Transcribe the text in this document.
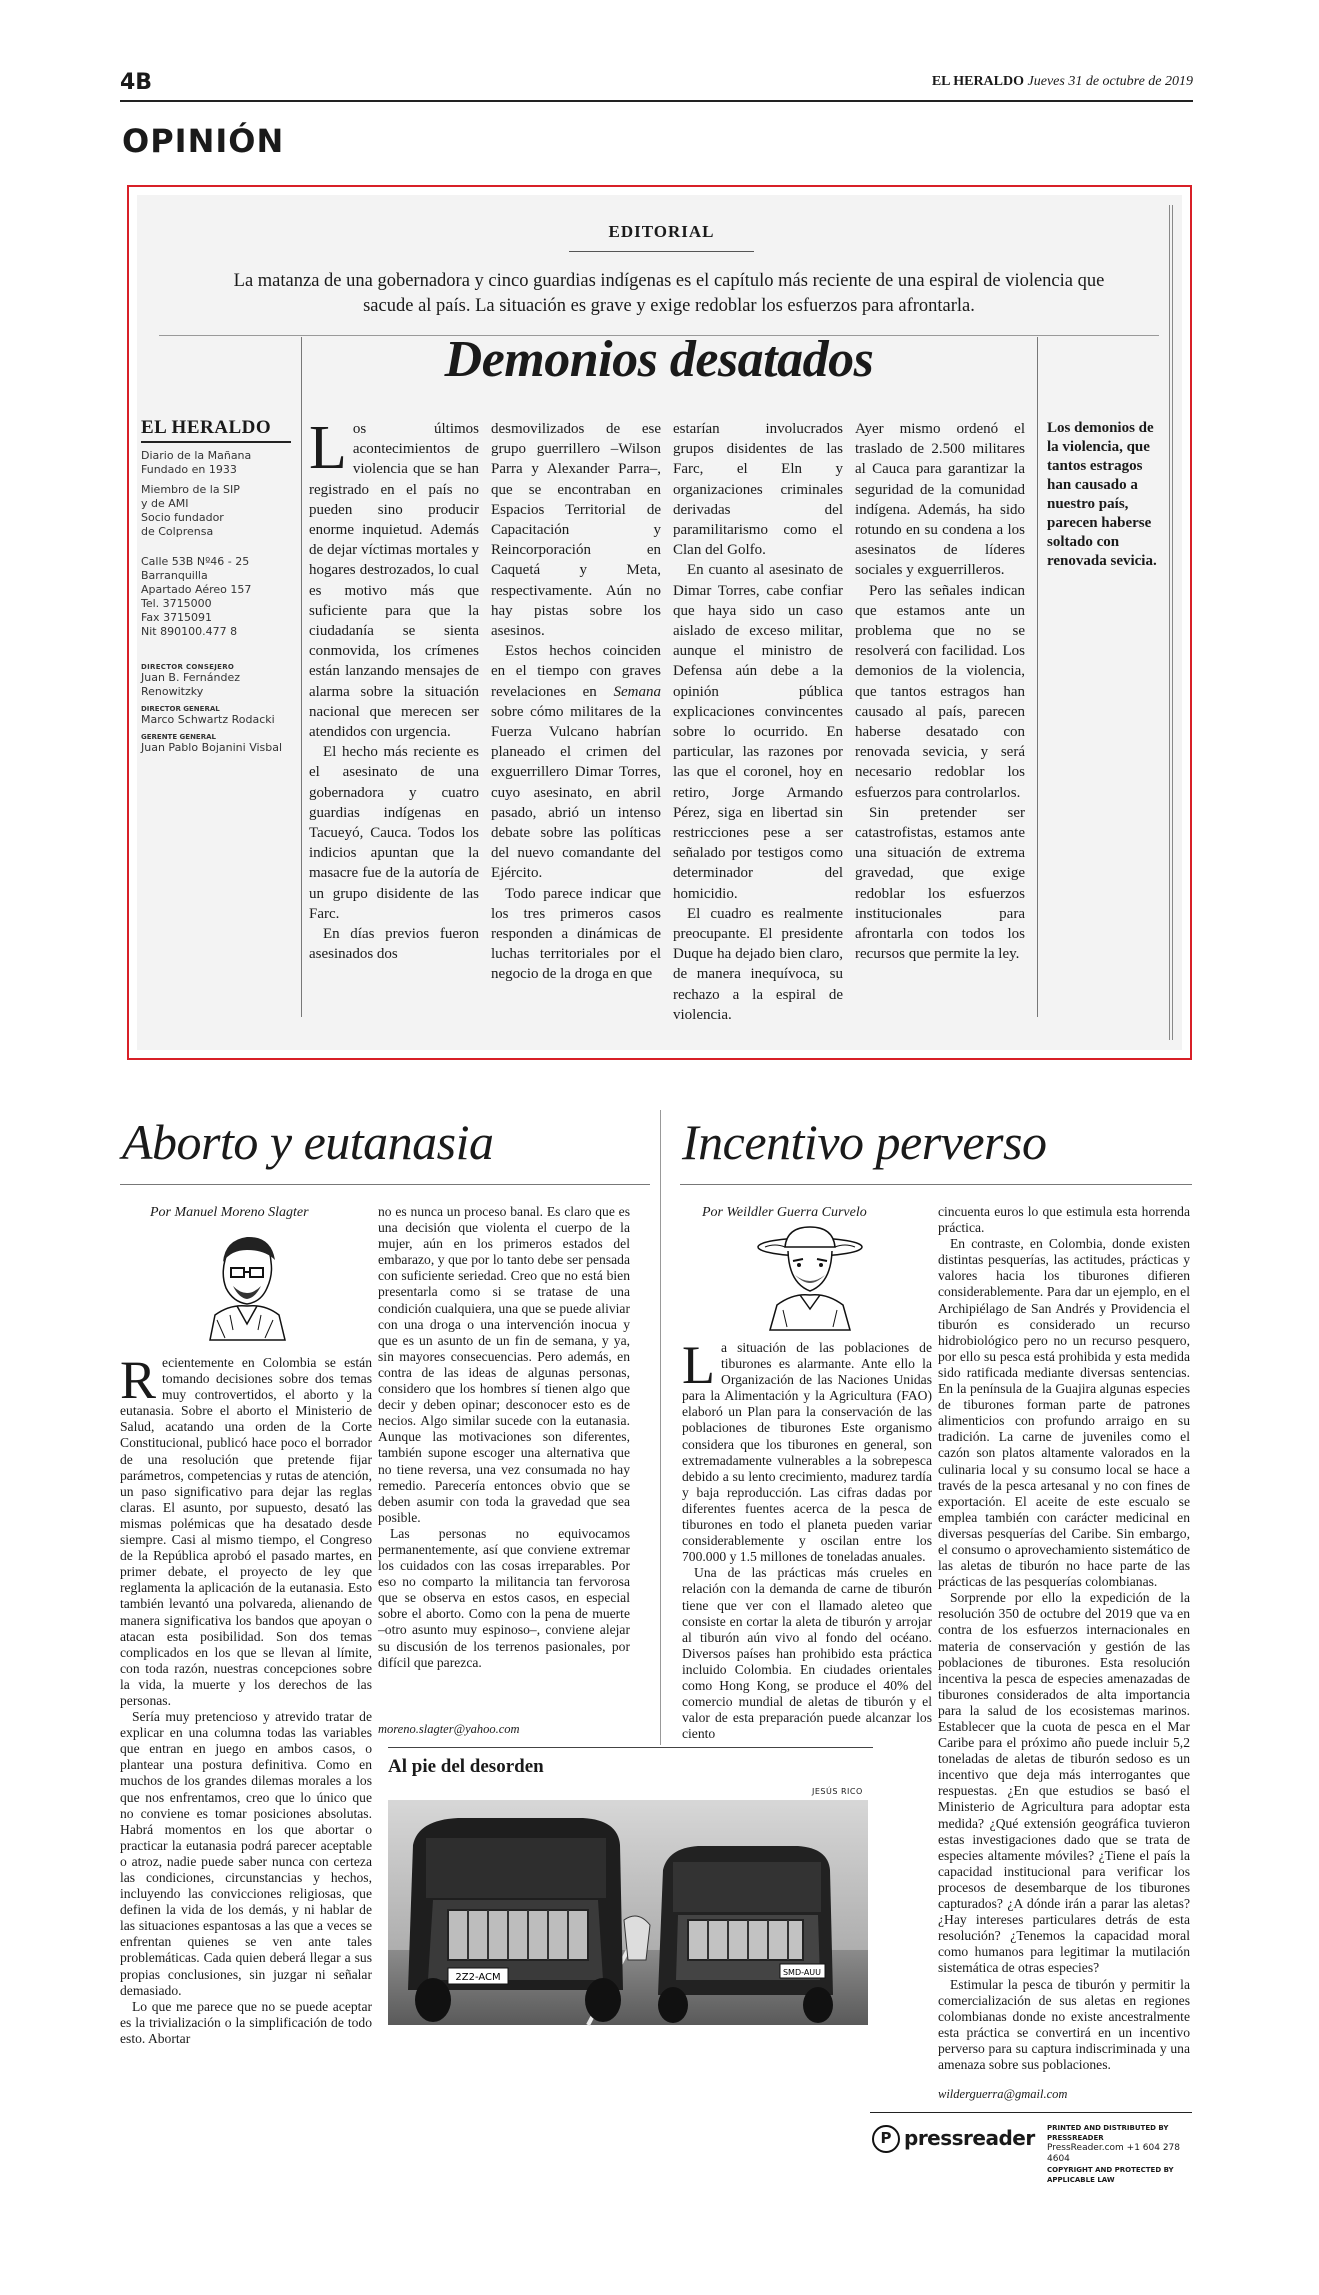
4B	EL HERALDO Jueves 31 de octubre de 2019
OPINIÓN
EDITORIAL
La matanza de una gobernadora y cinco guardias indígenas es el capítulo más reciente de una espiral de violencia que sacude al país. La situación es grave y exige redoblar los esfuerzos para afrontarla.
Demonios desatados
EL HERALDO
Diario de la Mañana
Fundado en 1933
Miembro de la SIP
y de AMI
Socio fundador
de Colprensa
Calle 53B Nº46 - 25
Barranquilla
Apartado Aéreo 157
Tel. 3715000
Fax 3715091
Nit 890100.477 8
DIRECTOR CONSEJERO
Juan B. Fernández Renowitzky
DIRECTOR GENERAL
Marco Schwartz Rodacki
GERENTE GENERAL
Juan Pablo Bojanini Visbal

Los últimos acontecimientos de violencia que se han registrado en el país no pueden sino producir enorme inquietud. Además de dejar víctimas mortales y hogares destrozados, lo cual es motivo más que suficiente para que la ciudadanía se sienta conmovida, los crímenes están lanzando mensajes de alarma sobre la situación nacional que merecen ser atendidos con urgencia.

El hecho más reciente es el asesinato de una gobernadora y cuatro guardias indígenas en Tacueyó, Cauca. Todos los indicios apuntan que la masacre fue de la autoría de un grupo disidente de las Farc.

En días previos fueron asesinados dos

desmovilizados de ese grupo guerrillero –Wilson Parra y Alexander Parra–, que se encontraban en Espacios Territorial de Capacitación y Reincorporación en Caquetá y Meta, respectivamente. Aún no hay pistas sobre los asesinos.

Estos hechos coinciden en el tiempo con graves revelaciones en Semana sobre cómo militares de la Fuerza Vulcano habrían planeado el crimen del exguerrillero Dimar Torres, cuyo asesinato, en abril pasado, abrió un intenso debate sobre las políticas del nuevo comandante del Ejército.

Todo parece indicar que los tres primeros casos responden a dinámicas de luchas territoriales por el negocio de la droga en que

estarían involucrados grupos disidentes de las Farc, el Eln y organizaciones criminales derivadas del paramilitarismo como el Clan del Golfo.

En cuanto al asesinato de Dimar Torres, cabe confiar que haya sido un caso aislado de exceso militar, aunque el ministro de Defensa aún debe a la opinión pública explicaciones convincentes sobre lo ocurrido. En particular, las razones por las que el coronel, hoy en retiro, Jorge Armando Pérez, siga en libertad sin restricciones pese a ser señalado por testigos como determinador del homicidio.

El cuadro es realmente preocupante. El presidente Duque ha dejado bien claro, de manera inequívoca, su rechazo a la espiral de violencia.

Ayer mismo ordenó el traslado de 2.500 militares al Cauca para garantizar la seguridad de la comunidad indígena. Además, ha sido rotundo en su condena a los asesinatos de líderes sociales y exguerrilleros.

Pero las señales indican que estamos ante un problema que no se resolverá con facilidad. Los demonios de la violencia, que tantos estragos han causado al país, parecen haberse desatado con renovada sevicia, y será necesario redoblar los esfuerzos para controlarlos.

Sin pretender ser catastrofistas, estamos ante una situación de extrema gravedad, que exige redoblar los esfuerzos institucionales para afrontarla con todos los recursos que permite la ley.

Los demonios de la violencia, que tantos estragos han causado a nuestro país, parecen haberse soltado con renovada sevicia.
Aborto y eutanasia
Por Manuel Moreno Slagter

Recientemente en Colombia se están tomando decisiones sobre dos temas muy controvertidos, el aborto y la eutanasia. Sobre el aborto el Ministerio de Salud, acatando una orden de la Corte Constitucional, publicó hace poco el borrador de una resolución que pretende fijar parámetros, competencias y rutas de atención, un paso significativo para dejar las reglas claras. El asunto, por supuesto, desató las mismas polémicas que ha desatado desde siempre. Casi al mismo tiempo, el Congreso de la República aprobó el pasado martes, en primer debate, el proyecto de ley que reglamenta la aplicación de la eutanasia. Esto también levantó una polvareda, alienando de manera significativa los bandos que apoyan o atacan esta posibilidad. Son dos temas complicados en los que se llevan al límite, con toda razón, nuestras concepciones sobre la vida, la muerte y los derechos de las personas.

Sería muy pretencioso y atrevido tratar de explicar en una columna todas las variables que entran en juego en ambos casos, o plantear una postura definitiva. Como en muchos de los grandes dilemas morales a los que nos enfrentamos, creo que lo único que no conviene es tomar posiciones absolutas. Habrá momentos en los que abortar o practicar la eutanasia podrá parecer aceptable o atroz, nadie puede saber nunca con certeza las condiciones, circunstancias y hechos, incluyendo las convicciones religiosas, que definen la vida de los demás, y ni hablar de las situaciones espantosas a las que a veces se enfrentan quienes se ven ante tales problemáticas. Cada quien deberá llegar a sus propias conclusiones, sin juzgar ni señalar demasiado.

Lo que me parece que no se puede aceptar es la trivialización o la simplificación de todo esto. Abortar

no es nunca un proceso banal. Es claro que es una decisión que violenta el cuerpo de la mujer, aún en los primeros estados del embarazo, y que por lo tanto debe ser pensada con suficiente seriedad. Creo que no está bien presentarla como si se tratase de una condición cualquiera, una que se puede aliviar con una droga o una intervención inocua y que es un asunto de un fin de semana, y ya, sin mayores consecuencias. Pero además, en contra de las ideas de algunas personas, considero que los hombres sí tienen algo que decir y deben opinar; desconocer esto es de necios. Algo similar sucede con la eutanasia. Aunque las motivaciones son diferentes, también supone escoger una alternativa que no tiene reversa, una vez consumada no hay remedio. Parecería entonces obvio que se deben asumir con toda la gravedad que sea posible.

Las personas no equivocamos permanentemente, así que conviene extremar los cuidados con las cosas irreparables. Por eso no comparto la militancia tan fervorosa que se observa en estos casos, en especial sobre el aborto. Como con la pena de muerte –otro asunto muy espinoso–, conviene alejar su discusión de los terrenos pasionales, por difícil que parezca.

moreno.slagter@yahoo.com
Al pie del desorden
JESÚS RICO
2Z2-ACM	SMD-AUU
Incentivo perverso
Por Weildler Guerra Curvelo

La situación de las poblaciones de tiburones es alarmante. Ante ello la Organización de las Naciones Unidas para la Alimentación y la Agricultura (FAO) elaboró un Plan para la conservación de las poblaciones de tiburones Este organismo considera que los tiburones en general, son extremadamente vulnerables a la sobrepesca debido a su lento crecimiento, madurez tardía y baja reproducción. Las cifras dadas por diferentes fuentes acerca de la pesca de tiburones en todo el planeta pueden variar considerablemente y oscilan entre los 700.000 y 1.5 millones de toneladas anuales.

Una de las prácticas más crueles en relación con la demanda de carne de tiburón tiene que ver con el llamado aleteo que consiste en cortar la aleta de tiburón y arrojar al tiburón aún vivo al fondo del océano. Diversos países han prohibido esta práctica incluido Colombia. En ciudades orientales como Hong Kong, se produce el 40% del comercio mundial de aletas de tiburón y el valor de esta preparación puede alcanzar los ciento

cincuenta euros lo que estimula esta horrenda práctica.

En contraste, en Colombia, donde existen distintas pesquerías, las actitudes, prácticas y valores hacia los tiburones difieren considerablemente. Para dar un ejemplo, en el Archipiélago de San Andrés y Providencia el tiburón es considerado un recurso hidrobiológico pero no un recurso pesquero, por ello su pesca está prohibida y esta medida sido ratificada mediante diversas sentencias. En la península de la Guajira algunas especies de tiburones forman parte de patrones alimenticios con profundo arraigo en su tradición. La carne de juveniles como el cazón son platos altamente valorados en la culinaria local y su consumo local se hace a través de la pesca artesanal y no con fines de exportación. El aceite de este escualo se emplea también con carácter medicinal en diversas pesquerías del Caribe. Sin embargo, el consumo o aprovechamiento sistemático de las aletas de tiburón no hace parte de las prácticas de las pesquerías colombianas.

Sorprende por ello la expedición de la resolución 350 de octubre del 2019 que va en contra de los esfuerzos internacionales en materia de conservación y gestión de las poblaciones de tiburones. Esta resolución incentiva la pesca de especies amenazadas de tiburones considerados de alta importancia para la salud de los ecosistemas marinos. Establecer que la cuota de pesca en el Mar Caribe para el próximo año puede incluir 5,2 toneladas de aletas de tiburón sedoso es un incentivo que deja más interrogantes que respuestas. ¿En que estudios se basó el Ministerio de Agricultura para adoptar esta medida? ¿Qué extensión geográfica tuvieron estas investigaciones dado que se trata de especies altamente móviles? ¿Tiene el país la capacidad institucional para verificar los procesos de desembarque de los tiburones capturados? ¿A dónde irán a parar las aletas? ¿Hay intereses particulares detrás de esta resolución? ¿Tenemos la capacidad moral como humanos para legitimar la mutilación sistemática de otras especies?

Estimular la pesca de tiburón y permitir la comercialización de sus aletas en regiones colombianas donde no existe ancestralmente esta práctica se convertirá en un incentivo perverso para su captura indiscriminada y una amenaza sobre sus poblaciones.

wilderguerra@gmail.com
P pressreader PRINTED AND DISTRIBUTED BY PRESSREADER
PressReader.com +1 604 278 4604
COPYRIGHT AND PROTECTED BY APPLICABLE LAW
